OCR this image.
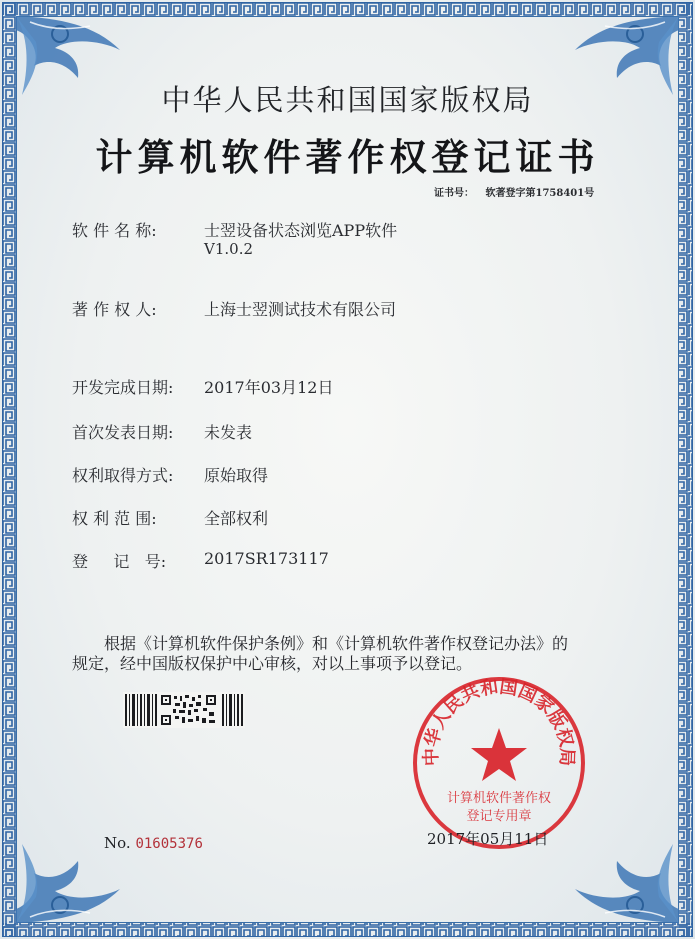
中华人民共和国国家版权局
计算机软件著作权登记证书
证书号： 软著登字第1758401号
软 件 名 称:	士翌设备状态浏览APP软件
V1.0.2
著 作 权 人:	上海士翌测试技术有限公司
开发完成日期: 2017年03月12日
首次发表日期: 未发表
权利取得方式: 原始取得
权 利 范 围:	全部权利
登     记   号: 2017SR173117
根据《计算机软件保护条例》和《计算机软件著作权登记办法》的
规定，经中国版权保护中心审核，对以上事项予以登记。
中华人民共和国国家版权局
计算机软件著作权
登记专用章
No. 01605376	2017年05月11日
